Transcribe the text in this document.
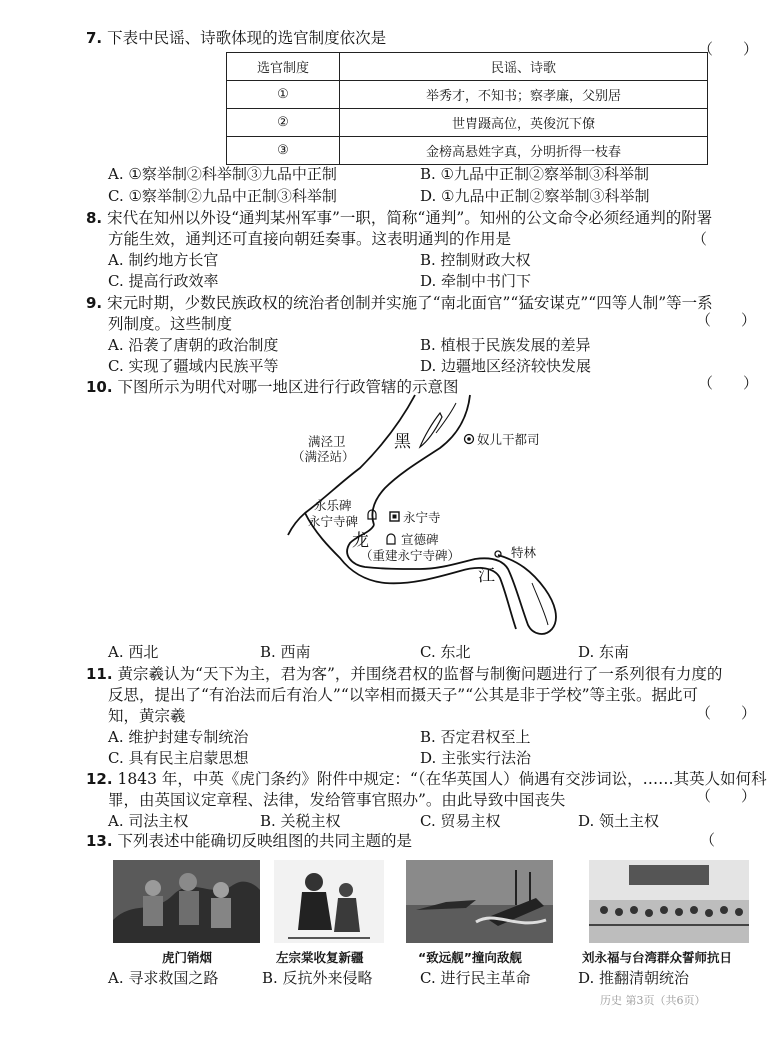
7. 下表中民谣、诗歌体现的选官制度依次是
（　　）
选官制度	民谣、诗歌
①	举秀才，不知书；察孝廉，父别居
②	世胄蹑高位，英俊沉下僚
③	金榜高悬姓字真，分明折得一枝春
A. ①察举制②科举制③九品中正制	B. ①九品中正制②察举制③科举制
C. ①察举制②九品中正制③科举制	D. ①九品中正制②察举制③科举制
8. 宋代在知州以外设“通判某州军事”一职，简称“通判”。知州的公文命令必须经通判的附署
方能生效，通判还可直接向朝廷奏事。这表明通判的作用是	（
A. 制约地方长官	B. 控制财政大权
C. 提高行政效率	D. 牵制中书门下
9. 宋元时期，少数民族政权的统治者创制并实施了“南北面官”“猛安谋克”“四等人制”等一系
列制度。这些制度	（　　）
A. 沿袭了唐朝的政治制度	B. 植根于民族发展的差异
C. 实现了疆域内民族平等	D. 边疆地区经济较快发展
10. 下图所示为明代对哪一地区进行行政管辖的示意图	（　　）
黑
龙
江
奴儿干都司
满泾卫
（满泾站）
永乐碑
永宁寺碑	永宁寺
宣德碑
（重建永宁寺碑）	特林
A. 西北	B. 西南	C. 东北	D. 东南
11. 黄宗羲认为“天下为主，君为客”，并围绕君权的监督与制衡问题进行了一系列很有力度的
反思，提出了“有治法而后有治人”“以宰相而摄天子”“公其是非于学校”等主张。据此可
知，黄宗羲	（　　）
A. 维护封建专制统治	B. 否定君权至上
C. 具有民主启蒙思想	D. 主张实行法治
12. 1843 年，中英《虎门条约》附件中规定：“（在华英国人）倘遇有交涉词讼，……其英人如何科
罪，由英国议定章程、法律，发给管事官照办”。由此导致中国丧失	（　　）
A. 司法主权	B. 关税主权	C. 贸易主权	D. 领土主权
13. 下列表述中能确切反映组图的共同主题的是	（
虎门销烟	左宗棠收复新疆	“致远舰”撞向敌舰	刘永福与台湾群众誓师抗日
A. 寻求救国之路	B. 反抗外来侵略	C. 进行民主革命	D. 推翻清朝统治
历史 第3页（共6页）
